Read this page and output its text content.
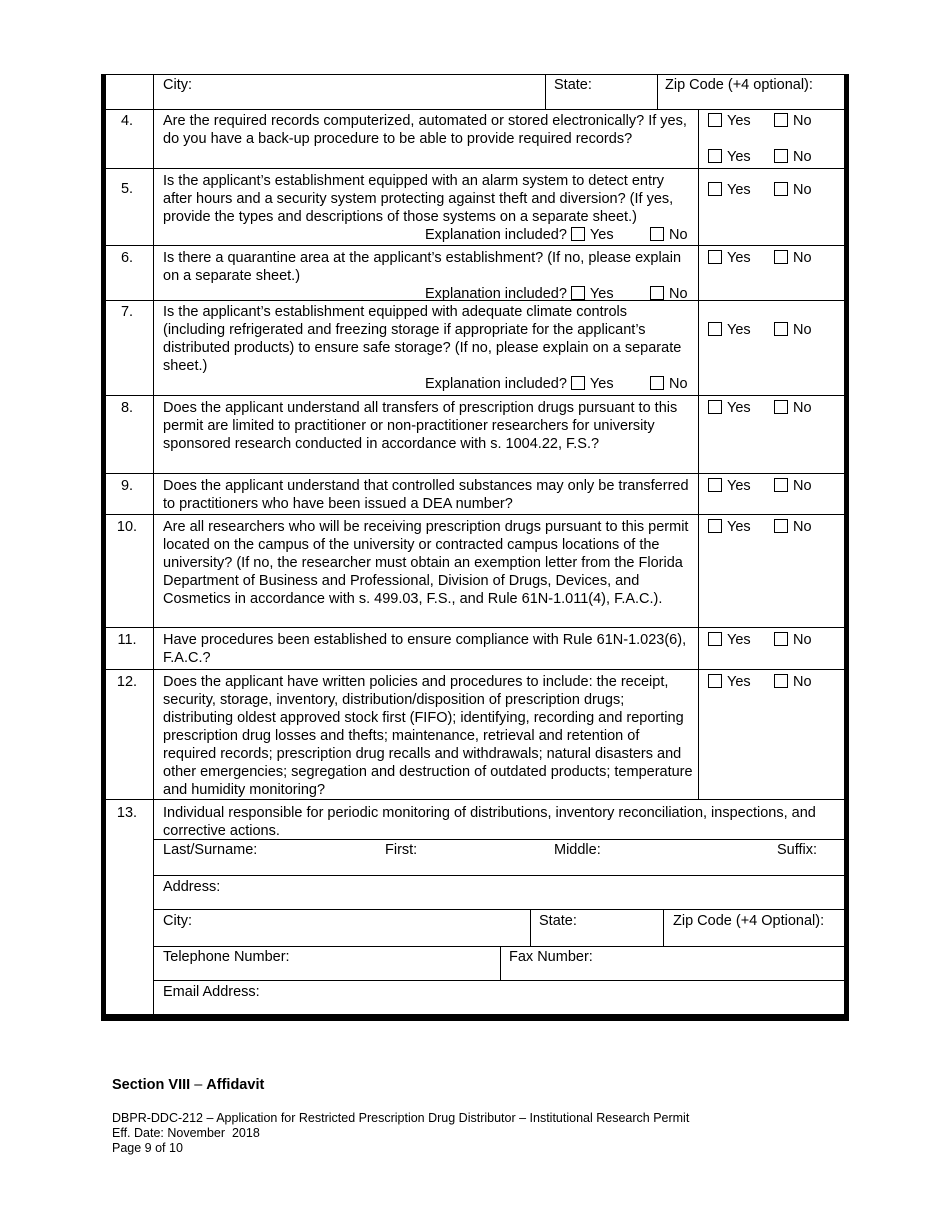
City:	State:	Zip Code (+4 optional):
4.	Are the required records computerized, automated or stored electronically? If yes, do you have a back-up procedure to be able to provide required records?
Yes	No
Yes	No
5.	Is the applicant’s establishment equipped with an alarm system to detect entry after hours and a security system protecting against theft and diversion? (If yes, provide the types and descriptions of those systems on a separate sheet.)
Yes	No
Explanation included? Yes	No
6.	Is there a quarantine area at the applicant’s establishment? (If no, please explain on a separate sheet.)
Yes	No
Explanation included? Yes	No
7.	Is the applicant’s establishment equipped with adequate climate controls (including refrigerated and freezing storage if appropriate for the applicant’s distributed products) to ensure safe storage? (If no, please explain on a separate sheet.)
Yes	No
Explanation included? Yes	No
8.	Does the applicant understand all transfers of prescription drugs pursuant to this permit are limited to practitioner or non-practitioner researchers for university sponsored research conducted in accordance with s. 1004.22, F.S.?
Yes	No
9.	Does the applicant understand that controlled substances may only be transferred to practitioners who have been issued a DEA number?
Yes	No
10.	Are all researchers who will be receiving prescription drugs pursuant to this permit located on the campus of the university or contracted campus locations of the university? (If no, the researcher must obtain an exemption letter from the Florida Department of Business and Professional, Division of Drugs, Devices, and Cosmetics in accordance with s. 499.03, F.S., and Rule 61N-1.011(4), F.A.C.).
Yes	No
11.	Have procedures been established to ensure compliance with Rule 61N-1.023(6), F.A.C.?
Yes	No
12.	Does the applicant have written policies and procedures to include: the receipt, security, storage, inventory, distribution/disposition of prescription drugs; distributing oldest approved stock first (FIFO); identifying, recording and reporting prescription drug losses and thefts; maintenance, retrieval and retention of required records; prescription drug recalls and withdrawals; natural disasters and other emergencies; segregation and destruction of outdated products; temperature and humidity monitoring?
Yes	No
13.	Individual responsible for periodic monitoring of distributions, inventory reconciliation, inspections, and corrective actions.
Last/Surname:	First:	Middle:	Suffix:
Address:
City:	State:	Zip Code (+4 Optional):
Telephone Number:	Fax Number:
Email Address:
Section VIII – Affidavit
DBPR-DDC-212 – Application for Restricted Prescription Drug Distributor – Institutional Research Permit
Eff. Date: November  2018
Page 9 of 10
